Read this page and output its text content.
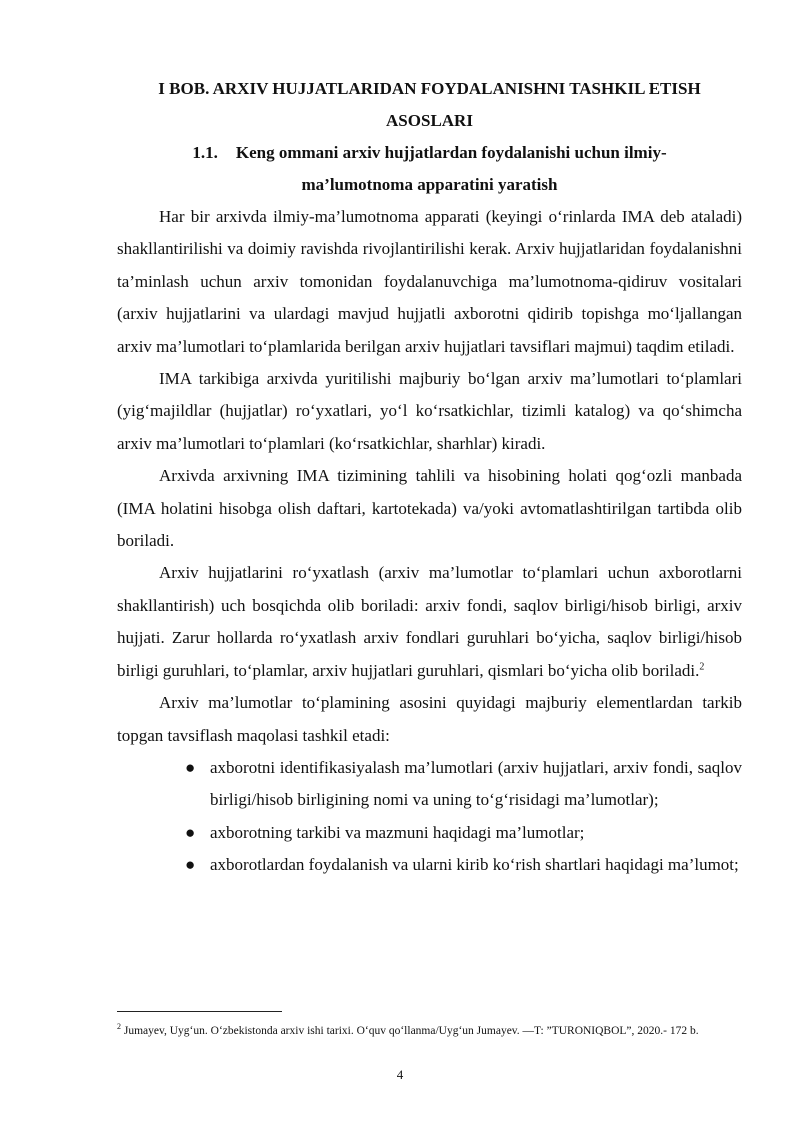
I BOB. ARXIV HUJJATLARIDAN FOYDALANISHNI TASHKIL ETISH
ASOSLARI

1.1. Keng ommani arxiv hujjatlardan foydalanishi uchun ilmiy-
ma’lumotnoma apparatini yaratish

Har bir arxivda ilmiy-ma’lumotnoma apparati (keyingi o‘rinlarda IMA deb ataladi) shakllantirilishi va doimiy ravishda rivojlantirilishi kerak. Arxiv hujjatlaridan foydalanishni ta’minlash uchun arxiv tomonidan foydalanuvchiga ma’lumotnoma-qidiruv vositalari (arxiv hujjatlarini va ulardagi mavjud hujjatli axborotni qidirib topishga mo‘ljallangan arxiv ma’lumotlari to‘plamlarida berilgan arxiv hujjatlari tavsiflari majmui) taqdim etiladi.

IMA tarkibiga arxivda yuritilishi majburiy bo‘lgan arxiv ma’lumotlari to‘plamlari (yig‘majildlar (hujjatlar) ro‘yxatlari, yo‘l ko‘rsatkichlar, tizimli katalog) va qo‘shimcha arxiv ma’lumotlari to‘plamlari (ko‘rsatkichlar, sharhlar) kiradi.

Arxivda arxivning IMA tizimining tahlili va hisobining holati qog‘ozli manbada (IMA holatini hisobga olish daftari, kartotekada) va/yoki avtomatlashtirilgan tartibda olib boriladi.

Arxiv hujjatlarini ro‘yxatlash (arxiv ma’lumotlar to‘plamlari uchun axborotlarni shakllantirish) uch bosqichda olib boriladi: arxiv fondi, saqlov birligi/hisob birligi, arxiv hujjati. Zarur hollarda ro‘yxatlash arxiv fondlari guruhlari bo‘yicha, saqlov birligi/hisob birligi guruhlari, to‘plamlar, arxiv hujjatlari guruhlari, qismlari bo‘yicha olib boriladi.$^2$

Arxiv ma’lumotlar to‘plamining asosini quyidagi majburiy elementlardan tarkib topgan tavsiflash maqolasi tashkil etadi:

● axborotni identifikasiyalash ma’lumotlari (arxiv hujjatlari, arxiv fondi, saqlov birligi/hisob birligining nomi va uning to‘g‘risidagi ma’lumotlar);
● axborotning tarkibi va mazmuni haqidagi ma’lumotlar;
● axborotlardan foydalanish va ularni kirib ko‘rish shartlari haqidagi ma’lumot;

$^2$ Jumayev, Uyg‘un. O‘zbekistonda arxiv ishi tarixi. O‘quv qo‘llanma/Uyg‘un Jumayev. —T: ”TURONIQBOL”, 2020.- 172 b.

4
